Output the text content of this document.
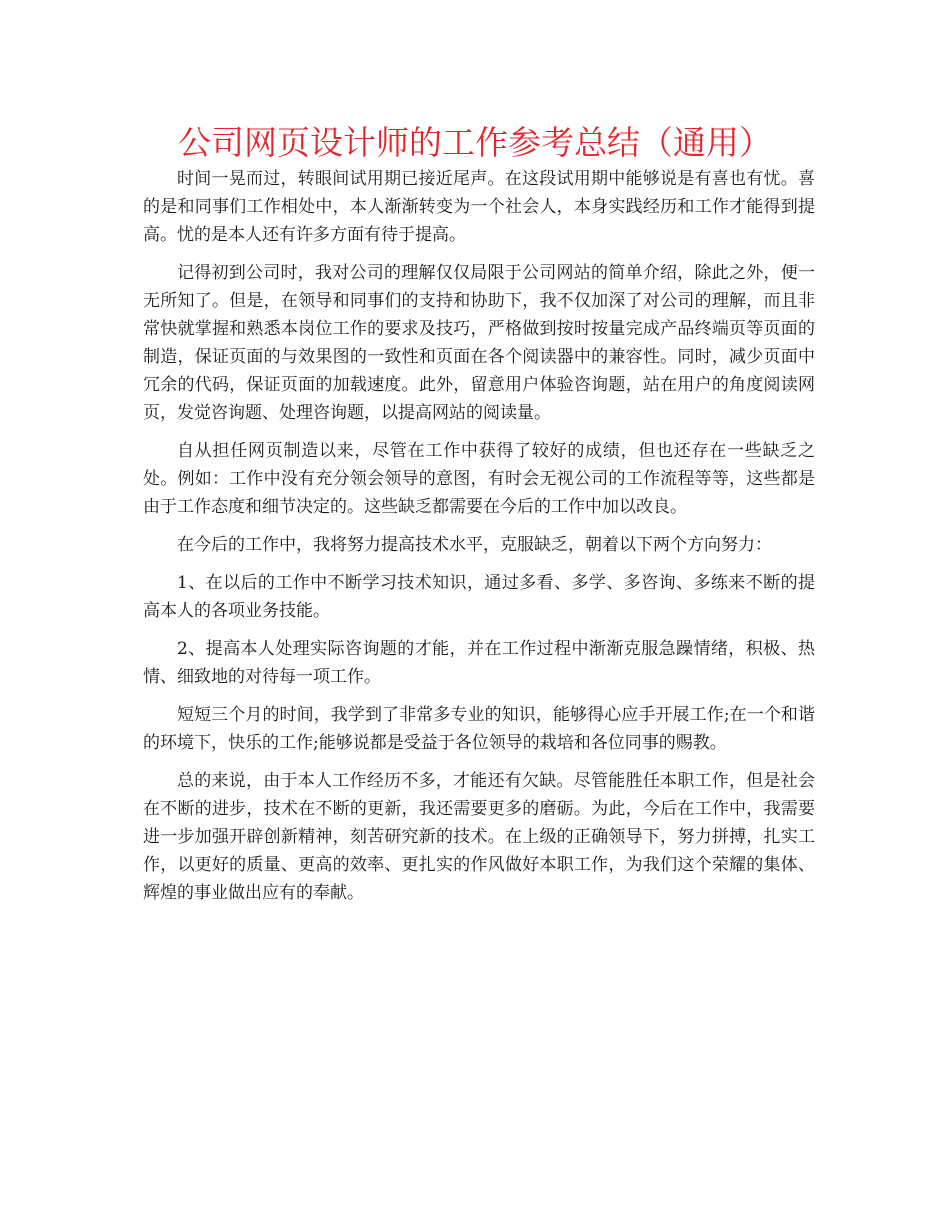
公司网页设计师的工作参考总结（通用）

时间一晃而过，转眼间试用期已接近尾声。在这段试用期中能够说是有喜也有忧。喜的是和同事们工作相处中，本人渐渐转变为一个社会人，本身实践经历和工作才能得到提高。忧的是本人还有许多方面有待于提高。

记得初到公司时，我对公司的理解仅仅局限于公司网站的简单介绍，除此之外，便一无所知了。但是，在领导和同事们的支持和协助下，我不仅加深了对公司的理解，而且非常快就掌握和熟悉本岗位工作的要求及技巧，严格做到按时按量完成产品终端页等页面的制造，保证页面的与效果图的一致性和页面在各个阅读器中的兼容性。同时，减少页面中冗余的代码，保证页面的加载速度。此外，留意用户体验咨询题，站在用户的角度阅读网页，发觉咨询题、处理咨询题，以提高网站的阅读量。

自从担任网页制造以来，尽管在工作中获得了较好的成绩，但也还存在一些缺乏之处。例如：工作中没有充分领会领导的意图，有时会无视公司的工作流程等等，这些都是由于工作态度和细节决定的。这些缺乏都需要在今后的工作中加以改良。

在今后的工作中，我将努力提高技术水平，克服缺乏，朝着以下两个方向努力：

1、在以后的工作中不断学习技术知识，通过多看、多学、多咨询、多练来不断的提高本人的各项业务技能。

2、提高本人处理实际咨询题的才能，并在工作过程中渐渐克服急躁情绪，积极、热情、细致地的对待每一项工作。

短短三个月的时间，我学到了非常多专业的知识，能够得心应手开展工作;在一个和谐的环境下，快乐的工作;能够说都是受益于各位领导的栽培和各位同事的赐教。

总的来说，由于本人工作经历不多，才能还有欠缺。尽管能胜任本职工作，但是社会在不断的进步，技术在不断的更新，我还需要更多的磨砺。为此，今后在工作中，我需要进一步加强开辟创新精神，刻苦研究新的技术。在上级的正确领导下，努力拼搏，扎实工作，以更好的质量、更高的效率、更扎实的作风做好本职工作，为我们这个荣耀的集体、辉煌的事业做出应有的奉献。
